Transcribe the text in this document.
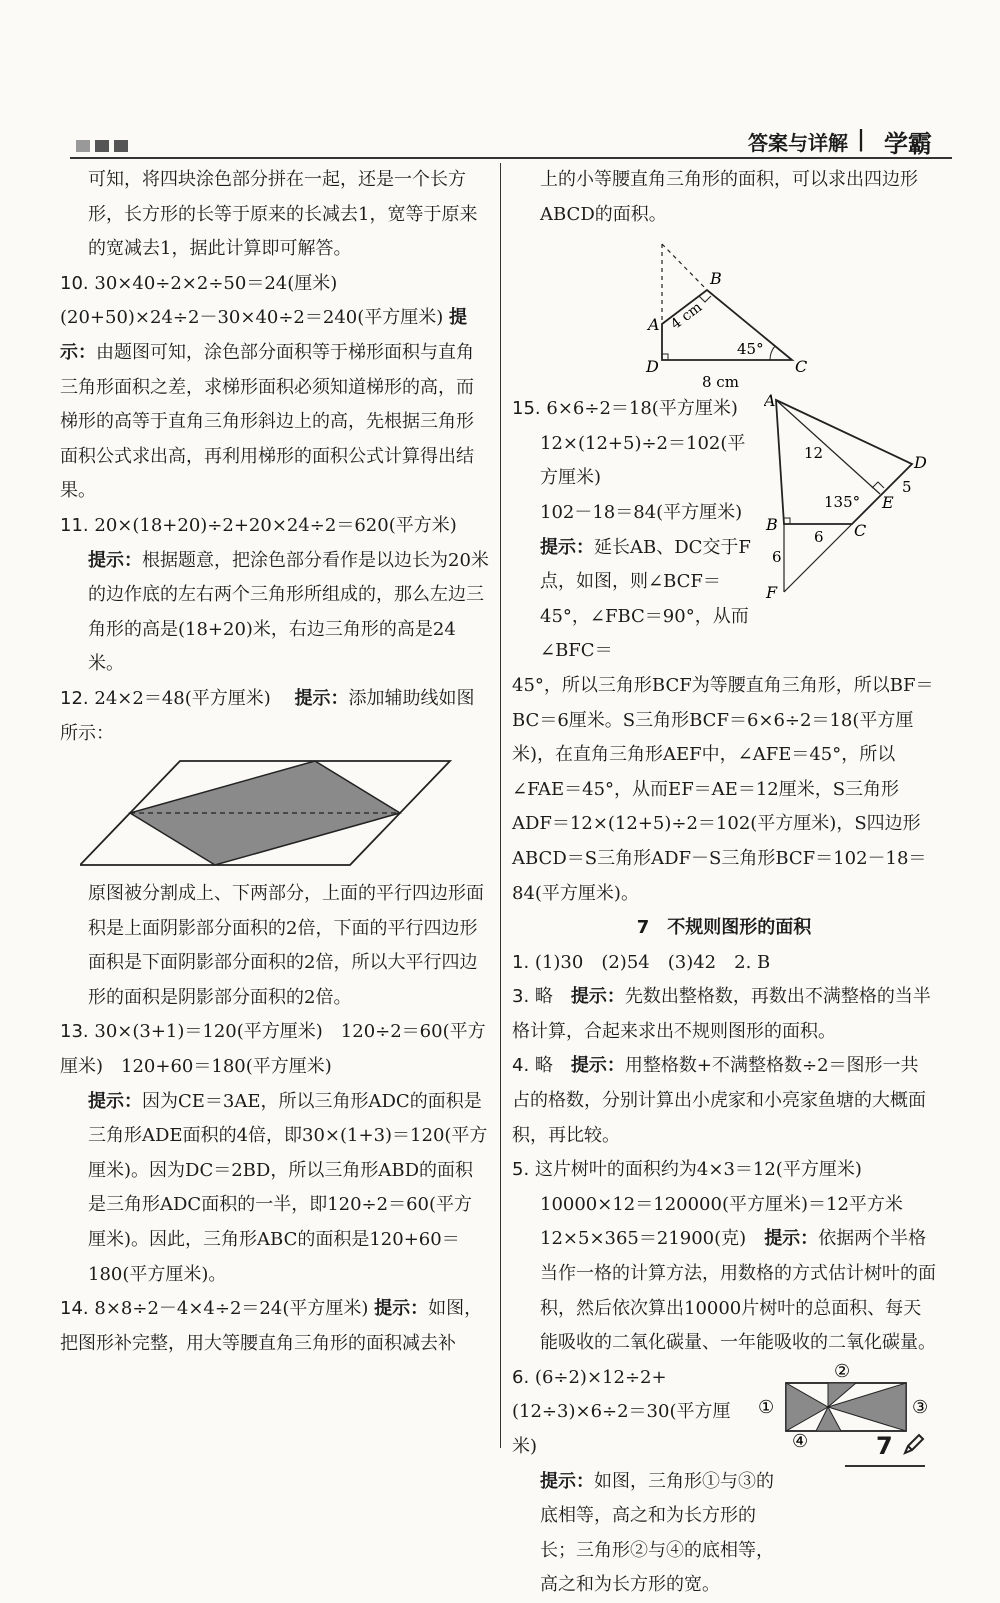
答案与详解 | 学霸

可知，将四块涂色部分拼在一起，还是一个长方形，长方形的长等于原来的长减去1，宽等于原来的宽减去1，据此计算即可解答。

10. 30×40÷2×2÷50＝24(厘米)　(20+50)×24÷2－30×40÷2＝240(平方厘米) 提示：由题图可知，涂色部分面积等于梯形面积与直角三角形面积之差，求梯形面积必须知道梯形的高，而梯形的高等于直角三角形斜边上的高，先根据三角形面积公式求出高，再利用梯形的面积公式计算得出结果。

11. 20×(18+20)÷2+20×24÷2＝620(平方米)

提示：根据题意，把涂色部分看作是以边长为20米的边作底的左右两个三角形所组成的，那么左边三角形的高是(18+20)米，右边三角形的高是24米。

12. 24×2＝48(平方厘米)　 提示：添加辅助线如图所示：

原图被分割成上、下两部分，上面的平行四边形面积是上面阴影部分面积的2倍，下面的平行四边形面积是下面阴影部分面积的2倍，所以大平行四边形的面积是阴影部分面积的2倍。

13. 30×(3+1)＝120(平方厘米)　120÷2＝60(平方厘米)　120+60＝180(平方厘米)

提示：因为CE＝3AE，所以三角形ADC的面积是三角形ADE面积的4倍，即30×(1+3)＝120(平方厘米)。因为DC＝2BD，所以三角形ABD的面积是三角形ADC面积的一半，即120÷2＝60(平方厘米)。因此，三角形ABC的面积是120+60＝180(平方厘米)。

14. 8×8÷2－4×4÷2＝24(平方厘米) 提示：如图，把图形补完整，用大等腰直角三角形的面积减去补

上的小等腰直角三角形的面积，可以求出四边形ABCD的面积。

B
A
D	C
4 cm
45°
8 cm

15. 6×6÷2＝18(平方厘米)

12×(12+5)÷2＝102(平方厘米)

102－18＝84(平方厘米)

提示：延长AB、DC交于F点，如图，则∠BCF＝45°，∠FBC＝90°，从而∠BFC＝

A
D
E
C
B
F
12
5
6
6
135°

45°，所以三角形BCF为等腰直角三角形，所以BF＝BC＝6厘米。S三角形BCF＝6×6÷2＝18(平方厘米)，在直角三角形AEF中，∠AFE＝45°，所以∠FAE＝45°，从而EF＝AE＝12厘米，S三角形ADF＝12×(12+5)÷2＝102(平方厘米)，S四边形ABCD＝S三角形ADF－S三角形BCF＝102－18＝84(平方厘米)。

7　不规则图形的面积

1. (1)30　(2)54　(3)42　2. B

3. 略　 提示：先数出整格数，再数出不满整格的当半格计算，合起来求出不规则图形的面积。

4. 略　 提示：用整格数+不满整格数÷2＝图形一共占的格数，分别计算出小虎家和小亮家鱼塘的大概面积，再比较。

5. 这片树叶的面积约为4×3＝12(平方厘米)

10000×12＝120000(平方厘米)＝12平方米

12×5×365＝21900(克)　 提示：依据两个半格当作一格的计算方法，用数格的方式估计树叶的面积，然后依次算出10000片树叶的总面积、每天能吸收的二氧化碳量、一年能吸收的二氧化碳量。

6. (6÷2)×12÷2+(12÷3)×6÷2＝30(平方厘米)

①
②
③
④

提示：如图，三角形①与③的底相等，高之和为长方形的长；三角形②与④的底相等，高之和为长方形的宽。

7
